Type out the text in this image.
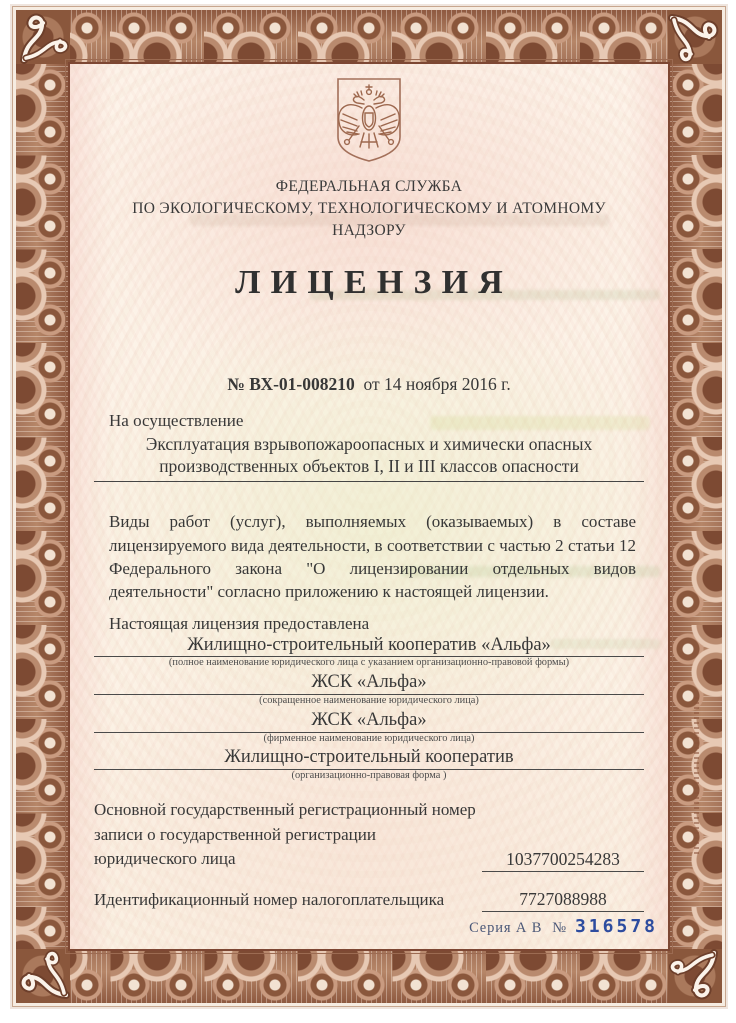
ФЕДЕРАЛЬНАЯ СЛУЖБА
ПО ЭКОЛОГИЧЕСКОМУ, ТЕХНОЛОГИЧЕСКОМУ И АТОМНОМУ НАДЗОРУ
ЛИЦЕНЗИЯ
№ ВХ-01-008210 от 14 ноября 2016 г.
На осуществление
Эксплуатация взрывопожароопасных и химически опасных
производственных объектов I, II и III классов опасности
Виды работ (услуг), выполняемых (оказываемых) в составе лицензируемого вида деятельности, в соответствии с частью 2 статьи 12 Федерального закона "О лицензировании отдельных видов деятельности" согласно приложению к настоящей лицензии.
Настоящая лицензия предоставлена
Жилищно-строительный кооператив «Альфа»
(полное наименование юридического лица с указанием организационно-правовой формы)
ЖСК «Альфа»
(сокращенное наименование юридического лица)
ЖСК «Альфа»
(фирменное наименование юридического лица)
Жилищно-строительный кооператив
(организационно-правовая форма )
Основной государственный регистрационный номер записи о государственной регистрации юридического лица	1037700254283
Идентификационный номер налогоплательщика	7727088988
Серия А В № 316578
